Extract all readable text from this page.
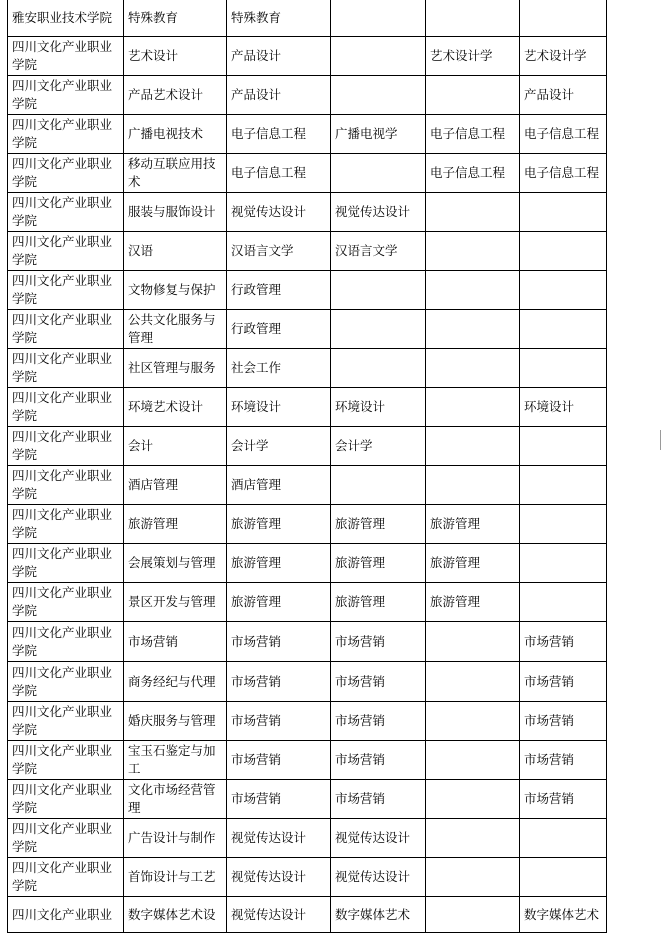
雅安职业技术学院	特殊教育	特殊教育			
四川文化产业职业学院	艺术设计	产品设计		艺术设计学	艺术设计学
四川文化产业职业学院	产品艺术设计	产品设计			产品设计
四川文化产业职业学院	广播电视技术	电子信息工程	广播电视学	电子信息工程	电子信息工程
四川文化产业职业学院	移动互联应用技术	电子信息工程		电子信息工程	电子信息工程
四川文化产业职业学院	服装与服饰设计	视觉传达设计	视觉传达设计		
四川文化产业职业学院	汉语	汉语言文学	汉语言文学		
四川文化产业职业学院	文物修复与保护	行政管理			
四川文化产业职业学院	公共文化服务与管理	行政管理			
四川文化产业职业学院	社区管理与服务	社会工作			
四川文化产业职业学院	环境艺术设计	环境设计	环境设计		环境设计
四川文化产业职业学院	会计	会计学	会计学		
四川文化产业职业学院	酒店管理	酒店管理			
四川文化产业职业学院	旅游管理	旅游管理	旅游管理	旅游管理	
四川文化产业职业学院	会展策划与管理	旅游管理	旅游管理	旅游管理	
四川文化产业职业学院	景区开发与管理	旅游管理	旅游管理	旅游管理	
四川文化产业职业学院	市场营销	市场营销	市场营销		市场营销
四川文化产业职业学院	商务经纪与代理	市场营销	市场营销		市场营销
四川文化产业职业学院	婚庆服务与管理	市场营销	市场营销		市场营销
四川文化产业职业学院	宝玉石鉴定与加工	市场营销	市场营销		市场营销
四川文化产业职业学院	文化市场经营管理	市场营销	市场营销		市场营销
四川文化产业职业学院	广告设计与制作	视觉传达设计	视觉传达设计		
四川文化产业职业学院	首饰设计与工艺	视觉传达设计	视觉传达设计		
四川文化产业职业	数字媒体艺术设	视觉传达设计	数字媒体艺术		数字媒体艺术
